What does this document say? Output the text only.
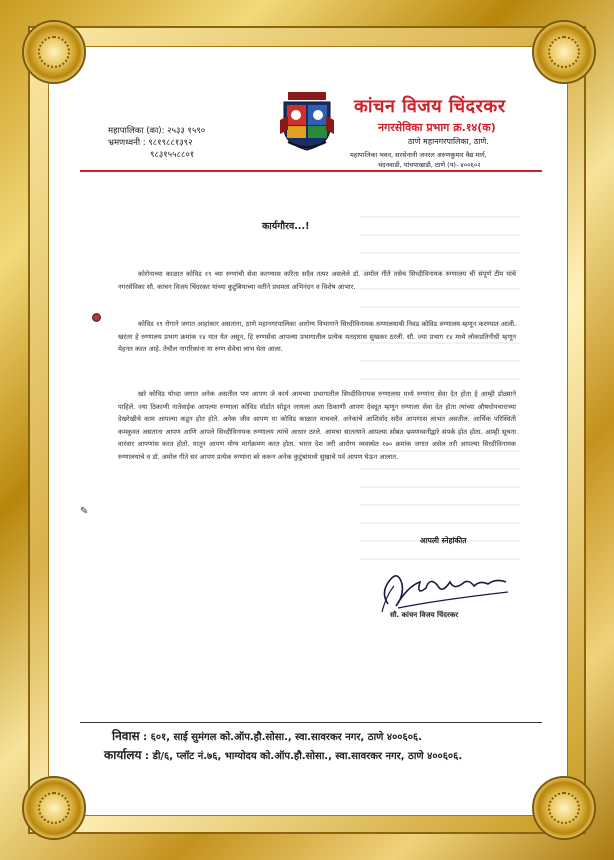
महापालिका (का): २५३३ १५९०
भ्रमणध्वनी : ९८१९८८१३९२
९८३१५५८८०१
कांचन विजय चिंदरकर
नगरसेविका प्रभाग क्र.१४(क)
ठाणे महानगरपालिका, ठाणे.
महापालिका भवन, सरसेनानी जनरल अरुणकुमार वैद्य मार्ग,
चंदनवाडी, पांचपाखाडी, ठाणे (प)- ४००६०२
कार्यगौरव...!
कोरोनाच्या काळात कोविड १९ च्या रुग्णांची सेवा करण्यास करिता सदैव तत्पर असलेले डॉ. अमोल गीते तसेच सिध्दीविनायक रुग्णालय ची संपूर्ण टीम यांचे नगरसेविका सौ. कांचन विजय चिंदरकर यांच्या कुटुंबियाच्या वतीने प्रथमता अभिनंदन व विशेष आभार.
कोविड १९ रोगाने जगात आहांकार असताना, ठाणे महानगरपालिका आरोग्य विभागाने सिध्दीविनायक रुग्णालयाची निवड कोविड रुग्णालय म्हणून करण्यात आली. खरंतर हे रुग्णालय प्रभाग क्रमांक १४ यात येत असून, हि रुग्णसेवा आपल्या प्रभागातील प्रत्येक मतदारास सुखकर ठरली. सौ. ज्या प्रभाग १४ मध्ये लोकप्रतिनीधी म्हणून मेहनत करत आहे. तेथील नागरिकांना या रुग्ण सेवेचा लाभ घेता आला.
खरे कोविड योध्दा जगात अनेक असतील पण आपण जे कार्य आमच्या प्रभागातील सिध्दीविनायक रुग्णालया मध्ये रुग्णांना सेवा देत होता हे आम्ही डोळ्याने पाहिले. ज्या ठिकाणी नातेवाईक आपल्या रुग्णाला कोविड वॉर्डात सोडून जायला अशा ठिकाणी आपण देवदूत म्हणून रुग्णाला सेवा देत होता त्यांच्या औषधोपचाराच्या देखरेखीचे काम आपल्या कडून होत होते. अनेक जीव आपण या कोविड काळात वाचवले. अनेकांचे आशिर्वाद सदैव आपणास लाभत असतील. आर्थिक परिस्थिती कमकुवत असताना आपण आणि आपले सिध्दीविनायक रुग्णालय त्यांचे आधार ठरले. आमचा सातत्याने आपल्या सोबत भ्रमणध्वनीद्वारे संपर्क होत होता. आम्ही सूचना वारंवार आपणांस करत होतो. यातून आपण योग्य मार्गक्रमण करत होता. भारत देश जरी आरोग्य व्यवस्थेत १७० क्रमांक जगात असेल तरी आपल्या सिध्दीविनायक रुग्णालयाचे व डॉ. अमोल गीते सर आपण प्रत्येक रुग्णांना बरे करून अनेक कुटुंबांमध्ये सुखाचे पर्व आपण घेऊन आलात.
✎
आपली स्नेहांकीत
सौ. कांचन विजय चिंदरकर
निवास : ६०१, साई सुमंगल को.ऑप.हौ.सोसा., स्वा.सावरकर नगर, ठाणे ४००६०६.
कार्यालय : डी/६, प्लॉट नं.७६, भाग्योदय को.ऑप.हौ.सोसा., स्वा.सावरकर नगर, ठाणे ४००६०६.
